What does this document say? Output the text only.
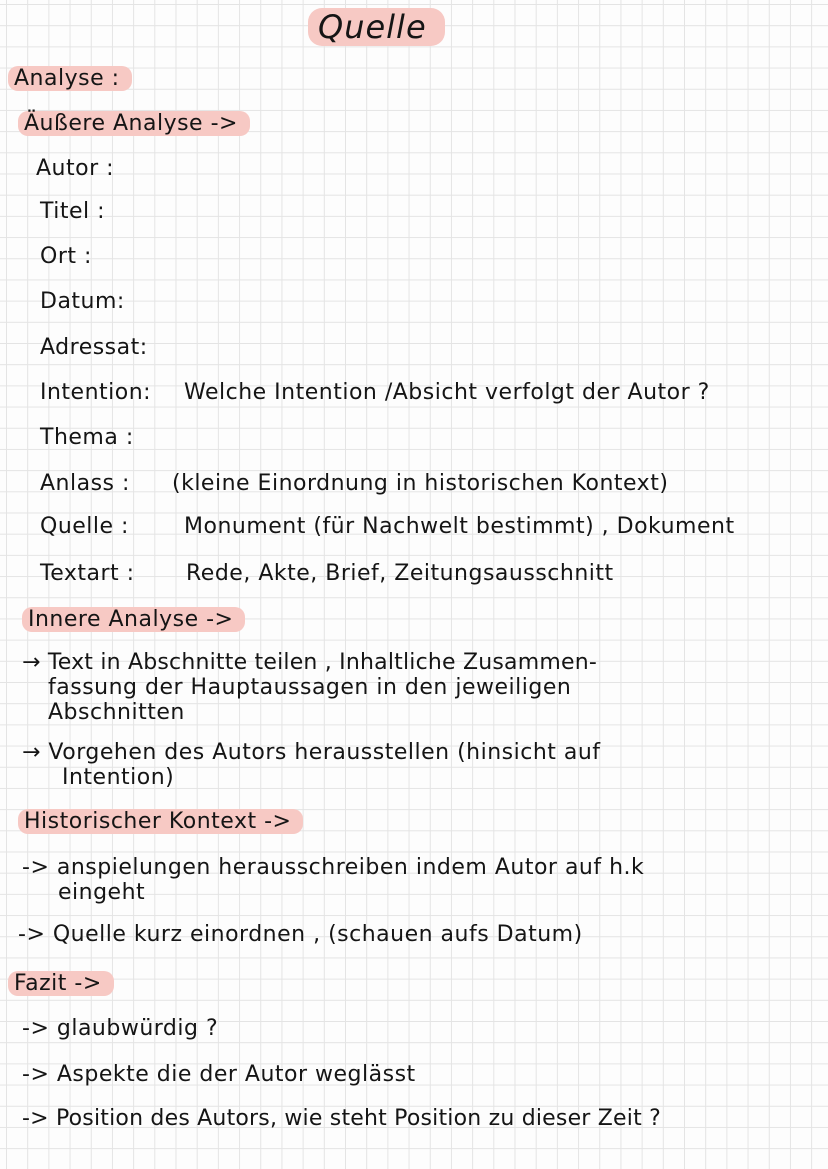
Quelle
Analyse :
Äußere Analyse ->
Autor :
Titel :
Ort :
Datum:
Adressat:
Intention: Welche Intention /Absicht verfolgt der Autor ?
Thema :
Anlass : (kleine Einordnung in historischen Kontext)
Quelle :	Monument (für Nachwelt bestimmt) , Dokument
Textart : Rede, Akte, Brief, Zeitungsausschnitt
Innere Analyse ->
→ Text in Abschnitte teilen , Inhaltliche Zusammen-
fassung der Hauptaussagen in den jeweiligen
Abschnitten
→ Vorgehen des Autors herausstellen (hinsicht auf
Intention)
Historischer Kontext ->
-> anspielungen herausschreiben indem Autor auf h.k
eingeht
-> Quelle kurz einordnen , (schauen aufs Datum)
Fazit ->
-> glaubwürdig ?
-> Aspekte die der Autor weglässt
-> Position des Autors, wie steht Position zu dieser Zeit ?
